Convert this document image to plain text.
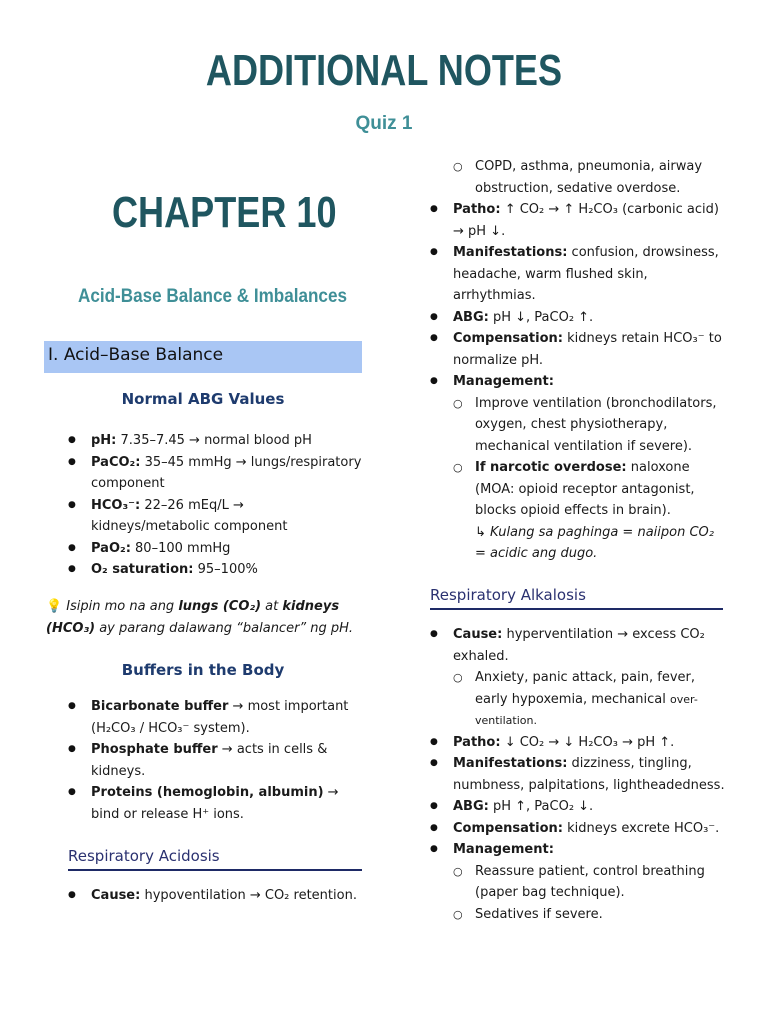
ADDITIONAL NOTES
Quiz 1
CHAPTER 10
Acid-Base Balance & Imbalances
I. Acid–Base Balance
Normal ABG Values
● pH: 7.35–7.45 → normal blood pH
● PaCO₂: 35–45 mmHg → lungs/respiratory component
● HCO₃⁻: 22–26 mEq/L → kidneys/metabolic component
● PaO₂: 80–100 mmHg
● O₂ saturation: 95–100%
💡 Isipin mo na ang lungs (CO₂) at kidneys (HCO₃) ay parang dalawang “balancer” ng pH.
Buffers in the Body
● Bicarbonate buffer → most important (H₂CO₃ / HCO₃⁻ system).
● Phosphate buffer → acts in cells & kidneys.
● Proteins (hemoglobin, albumin) → bind or release H⁺ ions.
Respiratory Acidosis
● Cause: hypoventilation → CO₂ retention.
○ COPD, asthma, pneumonia, airway obstruction, sedative overdose.
● Patho: ↑ CO₂ → ↑ H₂CO₃ (carbonic acid) → pH ↓.
● Manifestations: confusion, drowsiness, headache, warm flushed skin, arrhythmias.
● ABG: pH ↓, PaCO₂ ↑.
● Compensation: kidneys retain HCO₃⁻ to normalize pH.
● Management:
○ Improve ventilation (bronchodilators, oxygen, chest physiotherapy, mechanical ventilation if severe).
○ If narcotic overdose: naloxone (MOA: opioid receptor antagonist, blocks opioid effects in brain).
↳ Kulang sa paghinga = naiipon CO₂ = acidic ang dugo.
Respiratory Alkalosis
● Cause: hyperventilation → excess CO₂ exhaled.
○ Anxiety, panic attack, pain, fever, early hypoxemia, mechanical over-ventilation.
● Patho: ↓ CO₂ → ↓ H₂CO₃ → pH ↑.
● Manifestations: dizziness, tingling, numbness, palpitations, lightheadedness.
● ABG: pH ↑, PaCO₂ ↓.
● Compensation: kidneys excrete HCO₃⁻.
● Management:
○ Reassure patient, control breathing (paper bag technique).
○ Sedatives if severe.
